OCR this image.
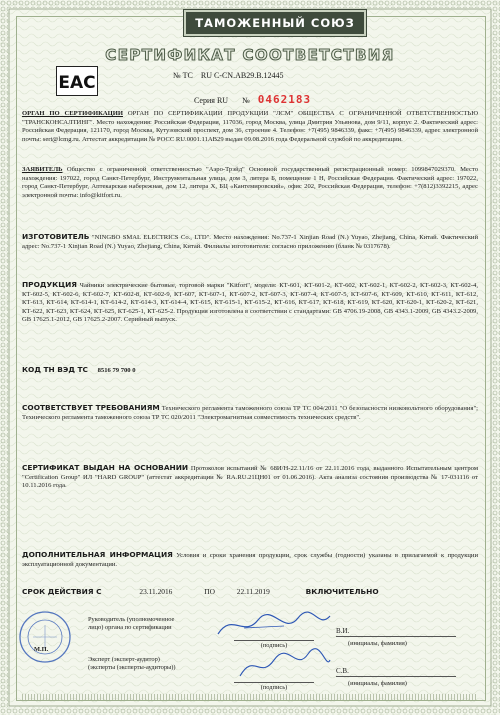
ТАМОЖЕННЫЙ СОЮЗ
СЕРТИФИКАТ СООТВЕТСТВИЯ
EAC	№ ТС RU C-CN.AB29.B.12445
Серия RU № 0462183
ОРГАН ПО СЕРТИФИКАЦИИ ОРГАН ПО СЕРТИФИКАЦИИ ПРОДУКЦИИ "ЛСМ" ОБЩЕСТВА С ОГРАНИЧЕННОЙ ОТВЕТСТВЕННОСТЬЮ "ТРАНСКОНСАЛТИНГ". Место нахождения: Российская Федерация, 117036, город Москва, улица Дмитрия Ульянова, дом 9/11, корпус 2. Фактический адрес: Российская Федерация, 121170, город Москва, Кутузовский проспект, дом 36, строение 4. Телефон: +7(495) 9846339, факс: +7(495) 9846339, адрес электронной почты: sert@lcmg.ru. Аттестат аккредитации № РОСС RU.0001.11AB29 выдан 09.08.2016 года Федеральной службой по аккредитации.
ЗАЯВИТЕЛЬ Общество с ограниченной ответственностью "Аэро-Трэйд" Основной государственный регистрационный номер: 1099847029370. Место нахождения: 197022, город Санкт-Петербург, Инструментальная улица, дом 3, литера Б, помещение 1 Н, Российская Федерация. Фактический адрес: 197022, город Санкт-Петербург, Аптекарская набережная, дом 12, литера Х, БЦ «Кантемировский», офис 202, Российская Федерация, телефон: +7(812)3392215, адрес электронной почты: info@kitfort.ru.
ИЗГОТОВИТЕЛЬ "NINGBO SMAL ELECTRICS Co., LTD". Место нахождения: No.737-1 Xinjian Road (N.) Yuyao, Zhejiang, China, Китай. Фактический адрес: No.737-1 Xinjian Road (N.) Yuyao, Zhejiang, China, Китай. Филиалы изготовителя: согласно приложению (бланк № 0317678).
ПРОДУКЦИЯ Чайники электрические бытовые, торговой марки "Kitfort", модели: КТ-601, КТ-601-2, КТ-602, КТ-602-1, КТ-602-2, КТ-602-3, КТ-602-4, КТ-602-5, КТ-602-6, КТ-602-7, КТ-602-8, КТ-602-9, КТ-607, КТ-607-1, КТ-607-2, КТ-607-3, КТ-607-4, КТ-607-5, КТ-607-6, КТ-609, КТ-610, КТ-611, КТ-612, КТ-613, КТ-614, КТ-614-1, КТ-614-2, КТ-614-3, КТ-614-4, КТ-615, КТ-615-1, КТ-615-2, КТ-616, КТ-617, КТ-618, КТ-619, КТ-620, КТ-620-1, КТ-620-2, КТ-621, КТ-622, КТ-623, КТ-624, КТ-625, КТ-625-1, КТ-625-2. Продукция изготовлена в соответствии с стандартами: GB 4706.19-2008, GB 4343.1-2009, GB 4343.2-2009, GB 17625.1-2012, GB 17625.2-2007. Серийный выпуск.
КОД ТН ВЭД ТС 8516 79 700 0
СООТВЕТСТВУЕТ ТРЕБОВАНИЯМ Технического регламента таможенного союза ТР ТС 004/2011 "О безопасности низковольтного оборудования"; Технического регламента таможенного союза ТР ТС 020/2011 "Электромагнитная совместимость технических средств".
СЕРТИФИКАТ ВЫДАН НА ОСНОВАНИИ Протоколов испытаний № 68И/Н-22.11/16 от 22.11.2016 года, выданного Испытательным центром "Certification Group" ИЛ "HARD GROUP" (аттестат аккредитации № RA.RU.21ЦН01 от 01.06.2016). Акта анализа состояния производства № 17-031116 от 10.11.2016 года.
ДОПОЛНИТЕЛЬНАЯ ИНФОРМАЦИЯ Условия и сроки хранения продукции, срок службы (годности) указаны в прилагаемой к продукции эксплуатационной документации.
СРОК ДЕЙСТВИЯ С	23.11.2016	ПО	22.11.2019	ВКЛЮЧИТЕЛЬНО
М.П.
Руководитель (уполномоченное лицо) органа по сертификации
(подпись)
В.И.
(инициалы, фамилия)
Эксперт (эксперт-аудитор) (эксперты (эксперты-аудиторы))
(подпись)
С.В.
(инициалы, фамилия)
